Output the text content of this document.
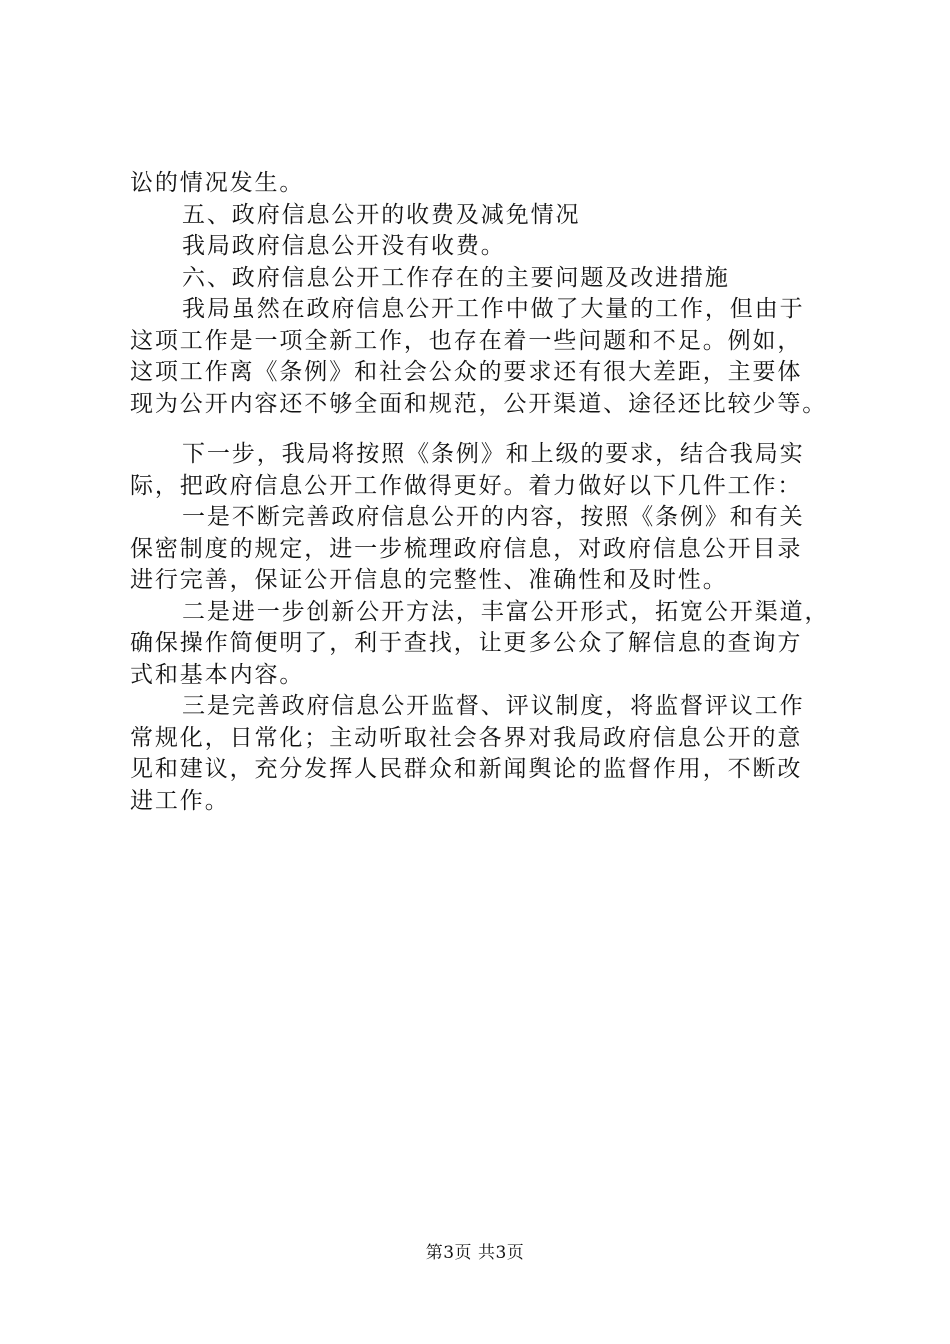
讼的情况发生。
五、政府信息公开的收费及减免情况
我局政府信息公开没有收费。
六、政府信息公开工作存在的主要问题及改进措施
我局虽然在政府信息公开工作中做了大量的工作，但由于
这项工作是一项全新工作，也存在着一些问题和不足。例如，
这项工作离《条例》和社会公众的要求还有很大差距，主要体
现为公开内容还不够全面和规范，公开渠道、途径还比较少等。
下一步，我局将按照《条例》和上级的要求，结合我局实
际，把政府信息公开工作做得更好。着力做好以下几件工作：
一是不断完善政府信息公开的内容，按照《条例》和有关
保密制度的规定，进一步梳理政府信息，对政府信息公开目录
进行完善，保证公开信息的完整性、准确性和及时性。
二是进一步创新公开方法，丰富公开形式，拓宽公开渠道，
确保操作简便明了，利于查找，让更多公众了解信息的查询方
式和基本内容。
三是完善政府信息公开监督、评议制度，将监督评议工作
常规化，日常化；主动听取社会各界对我局政府信息公开的意
见和建议，充分发挥人民群众和新闻舆论的监督作用，不断改
进工作。
第3页 共3页
